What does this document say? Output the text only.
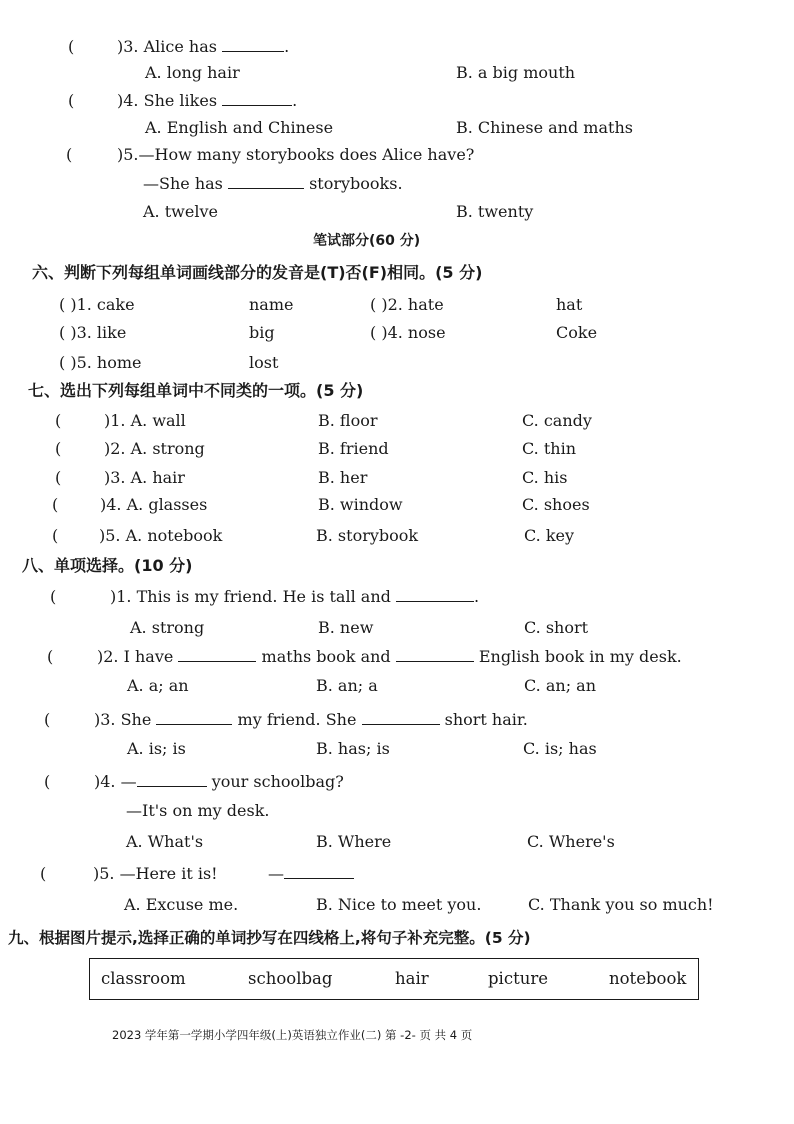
(	)3. Alice has	.
A. long hair	B. a big mouth
(	)4. She likes	.
A. English and Chinese	B. Chinese and maths
(	)5.—How many storybooks does Alice have?
—She has	storybooks.
A. twelve	B. twenty
笔试部分(60 分)
六、判断下列每组单词画线部分的发音是(T)否(F)相同。(5 分)
( )1. cake	name	( )2. hate	hat
( )3. like	big	( )4. nose	Coke
( )5. home	lost
七、选出下列每组单词中不同类的一项。(5 分)
(	)1. A. wall	B. floor	C. candy
(	)2. A. strong	B. friend	C. thin
(	)3. A. hair	B. her	C. his
(	)4. A. glasses	B. window	C. shoes
(	)5. A. notebook	B. storybook	C. key
八、单项选择。(10 分)
(	)1. This is my friend. He is tall and	.
A. strong	B. new	C. short
(	)2. I have	maths book and	English book in my desk.
A. a; an	B. an; a	C. an; an
(	)3. She	my friend. She	short hair.
A. is; is	B. has; is	C. is; has
(	)4. —	your schoolbag?
—It's on my desk.
A. What's	B. Where	C. Where's
(	)5. —Here it is!	—
A. Excuse me.	B. Nice to meet you.	C. Thank you so much!
九、根据图片提示,选择正确的单词抄写在四线格上,将句子补充完整。(5 分)
classroom	schoolbag	hair	picture	notebook
2023 学年第一学期小学四年级(上)英语独立作业(二) 第 -2- 页 共 4 页
